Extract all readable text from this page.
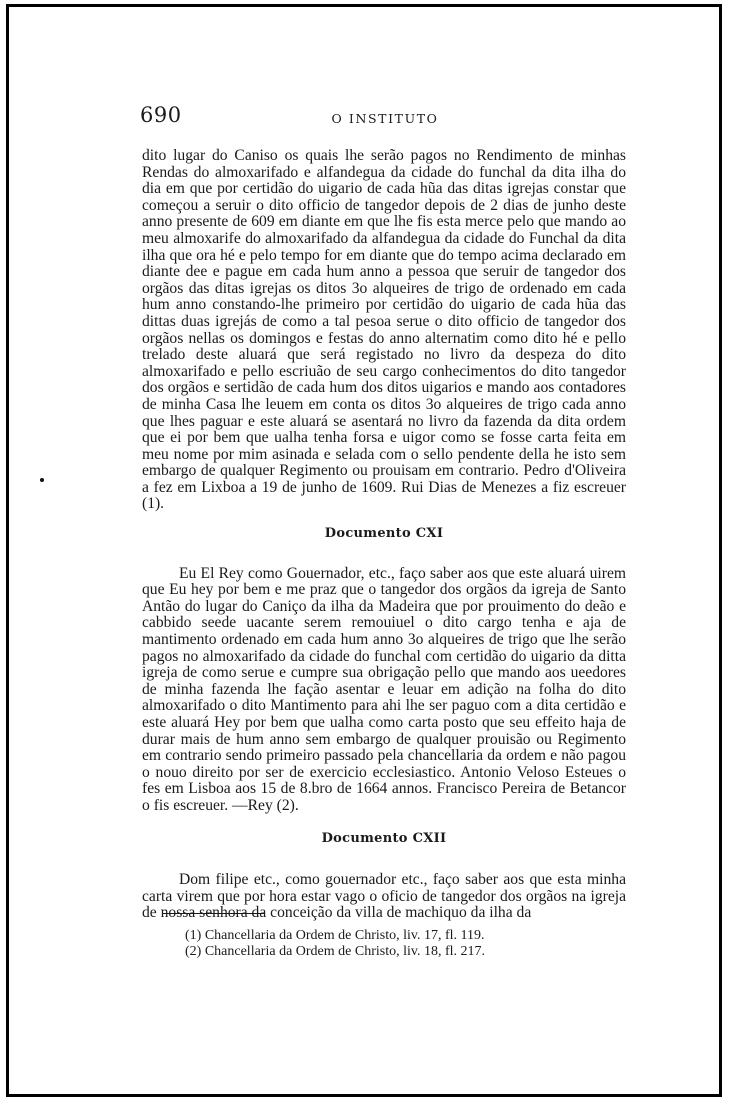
690	O INSTITUTO

dito lugar do Caniso os quais lhe serão pagos no Rendimento de minhas Rendas do almoxarifado e alfandegua da cidade do funchal da dita ilha do dia em que por certidão do uigario de cada hũa das ditas igrejas constar que começou a seruir o dito officio de tangedor depois de 2 dias de junho deste anno presente de 609 em diante em que lhe fis esta merce pelo que mando ao meu almoxarife do almoxarifado da alfandegua da cidade do Funchal da dita ilha que ora hé e pelo tempo for em diante que do tempo acima declarado em diante dee e pague em cada hum anno a pessoa que seruir de tangedor dos orgãos das ditas igrejas os ditos 3o alqueires de trigo de ordenado em cada hum anno constando-lhe primeiro por certidão do uigario de cada hũa das dittas duas igrejás de como a tal pesoa serue o dito officio de tangedor dos orgãos nellas os domingos e festas do anno alternatim como dito hé e pello trelado deste aluará que será registado no livro da despeza do dito almoxarifado e pello escriuão de seu cargo conhecimentos do dito tangedor dos orgãos e sertidão de cada hum dos ditos uigarios e mando aos contadores de minha Casa lhe leuem em conta os ditos 3o alqueires de trigo cada anno que lhes paguar e este aluará se asentará no livro da fazenda da dita ordem que ei por bem que ualha tenha forsa e uigor como se fosse carta feita em meu nome por mim asinada e selada com o sello pendente della he isto sem embargo de qualquer Regimento ou prouisam em contrario. Pedro d'Oliveira a fez em Lixboa a 19 de junho de 1609. Rui Dias de Menezes a fiz escreuer (1).

Documento CXI

Eu El Rey como Gouernador, etc., faço saber aos que este aluará uirem que Eu hey por bem e me praz que o tangedor dos orgãos da igreja de Santo Antão do lugar do Caniço da ilha da Madeira que por prouimento do deão e cabbido seede uacante serem remouiuel o dito cargo tenha e aja de mantimento ordenado em cada hum anno 3o alqueires de trigo que lhe serão pagos no almoxarifado da cidade do funchal com certidão do uigario da ditta igreja de como serue e cumpre sua obrigação pello que mando aos ueedores de minha fazenda lhe fação asentar e leuar em adição na folha do dito almoxarifado o dito Mantimento para ahi lhe ser paguo com a dita certidão e este aluará Hey por bem que ualha como carta posto que seu effeito haja de durar mais de hum anno sem embargo de qualquer prouisão ou Regimento em contrario sendo primeiro passado pela chancellaria da ordem e não pagou o nouo direito por ser de exercicio ecclesiastico. Antonio Veloso Esteues o fes em Lisboa aos 15 de 8.bro de 1664 annos. Francisco Pereira de Betancor o fis escreuer. —Rey (2).

Documento CXII

Dom filipe etc., como gouernador etc., faço saber aos que esta minha carta virem que por hora estar vago o oficio de tangedor dos orgãos na igreja de nossa senhora da conceição da villa de machiquo da ilha da

(1) Chancellaria da Ordem de Christo, liv. 17, fl. 119.
(2) Chancellaria da Ordem de Christo, liv. 18, fl. 217.
